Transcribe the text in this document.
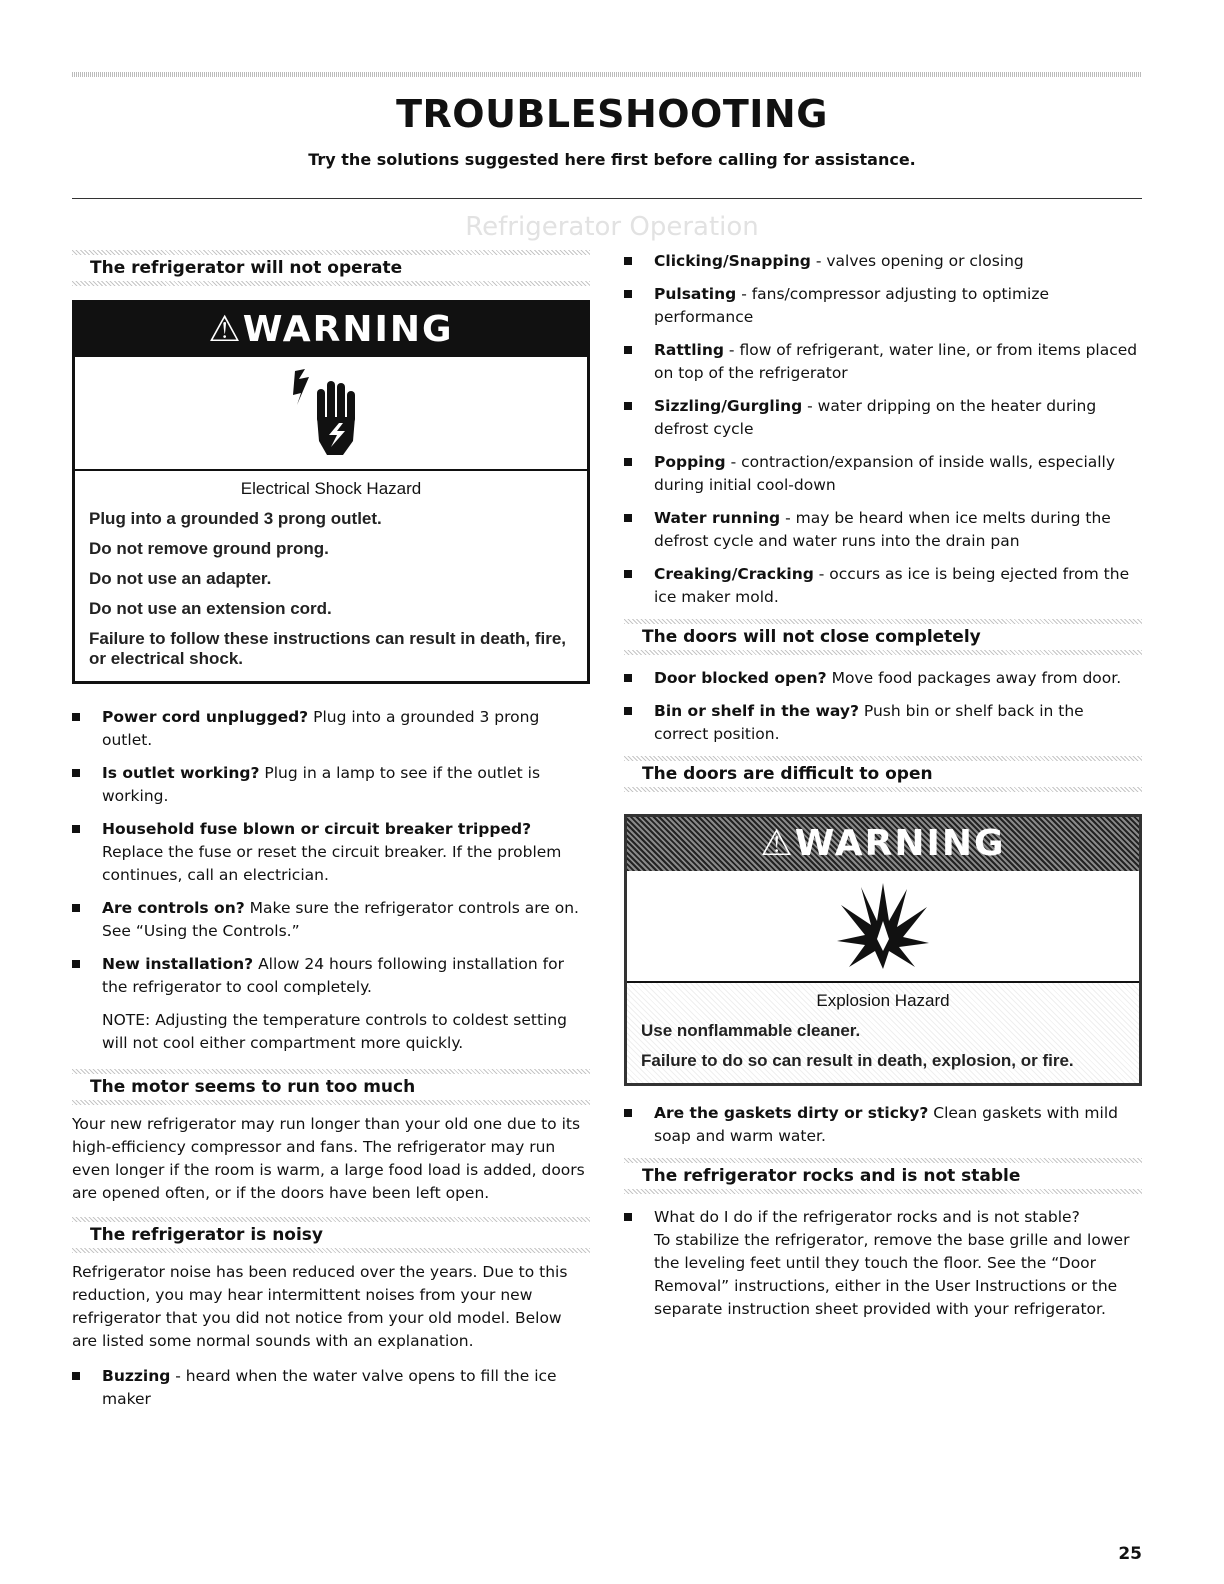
TROUBLESHOOTING
Try the solutions suggested here first before calling for assistance.
Refrigerator Operation
The refrigerator will not operate
⚠WARNING
Electrical Shock Hazard

Plug into a grounded 3 prong outlet.

Do not remove ground prong.

Do not use an adapter.

Do not use an extension cord.

Failure to follow these instructions can result in death, fire, or electrical shock.

Power cord unplugged? Plug into a grounded 3 prong outlet.
Is outlet working? Plug in a lamp to see if the outlet is working.
Household fuse blown or circuit breaker tripped? Replace the fuse or reset the circuit breaker. If the problem continues, call an electrician.
Are controls on? Make sure the refrigerator controls are on. See “Using the Controls.”
New installation? Allow 24 hours following installation for the refrigerator to cool completely.
NOTE: Adjusting the temperature controls to coldest setting will not cool either compartment more quickly.
The motor seems to run too much
Your new refrigerator may run longer than your old one due to its high-efficiency compressor and fans. The refrigerator may run even longer if the room is warm, a large food load is added, doors are opened often, or if the doors have been left open.
The refrigerator is noisy
Refrigerator noise has been reduced over the years. Due to this reduction, you may hear intermittent noises from your new refrigerator that you did not notice from your old model. Below are listed some normal sounds with an explanation.
Buzzing - heard when the water valve opens to fill the ice maker
Clicking/Snapping - valves opening or closing
Pulsating - fans/compressor adjusting to optimize performance
Rattling - flow of refrigerant, water line, or from items placed on top of the refrigerator
Sizzling/Gurgling - water dripping on the heater during defrost cycle
Popping - contraction/expansion of inside walls, especially during initial cool-down
Water running - may be heard when ice melts during the defrost cycle and water runs into the drain pan
Creaking/Cracking - occurs as ice is being ejected from the ice maker mold.
The doors will not close completely
Door blocked open? Move food packages away from door.
Bin or shelf in the way? Push bin or shelf back in the correct position.
The doors are difficult to open
⚠WARNING
Explosion Hazard

Use nonflammable cleaner.

Failure to do so can result in death, explosion, or fire.

Are the gaskets dirty or sticky? Clean gaskets with mild soap and warm water.
The refrigerator rocks and is not stable
What do I do if the refrigerator rocks and is not stable?
To stabilize the refrigerator, remove the base grille and lower the leveling feet until they touch the floor. See the “Door Removal” instructions, either in the User Instructions or the separate instruction sheet provided with your refrigerator.
25
